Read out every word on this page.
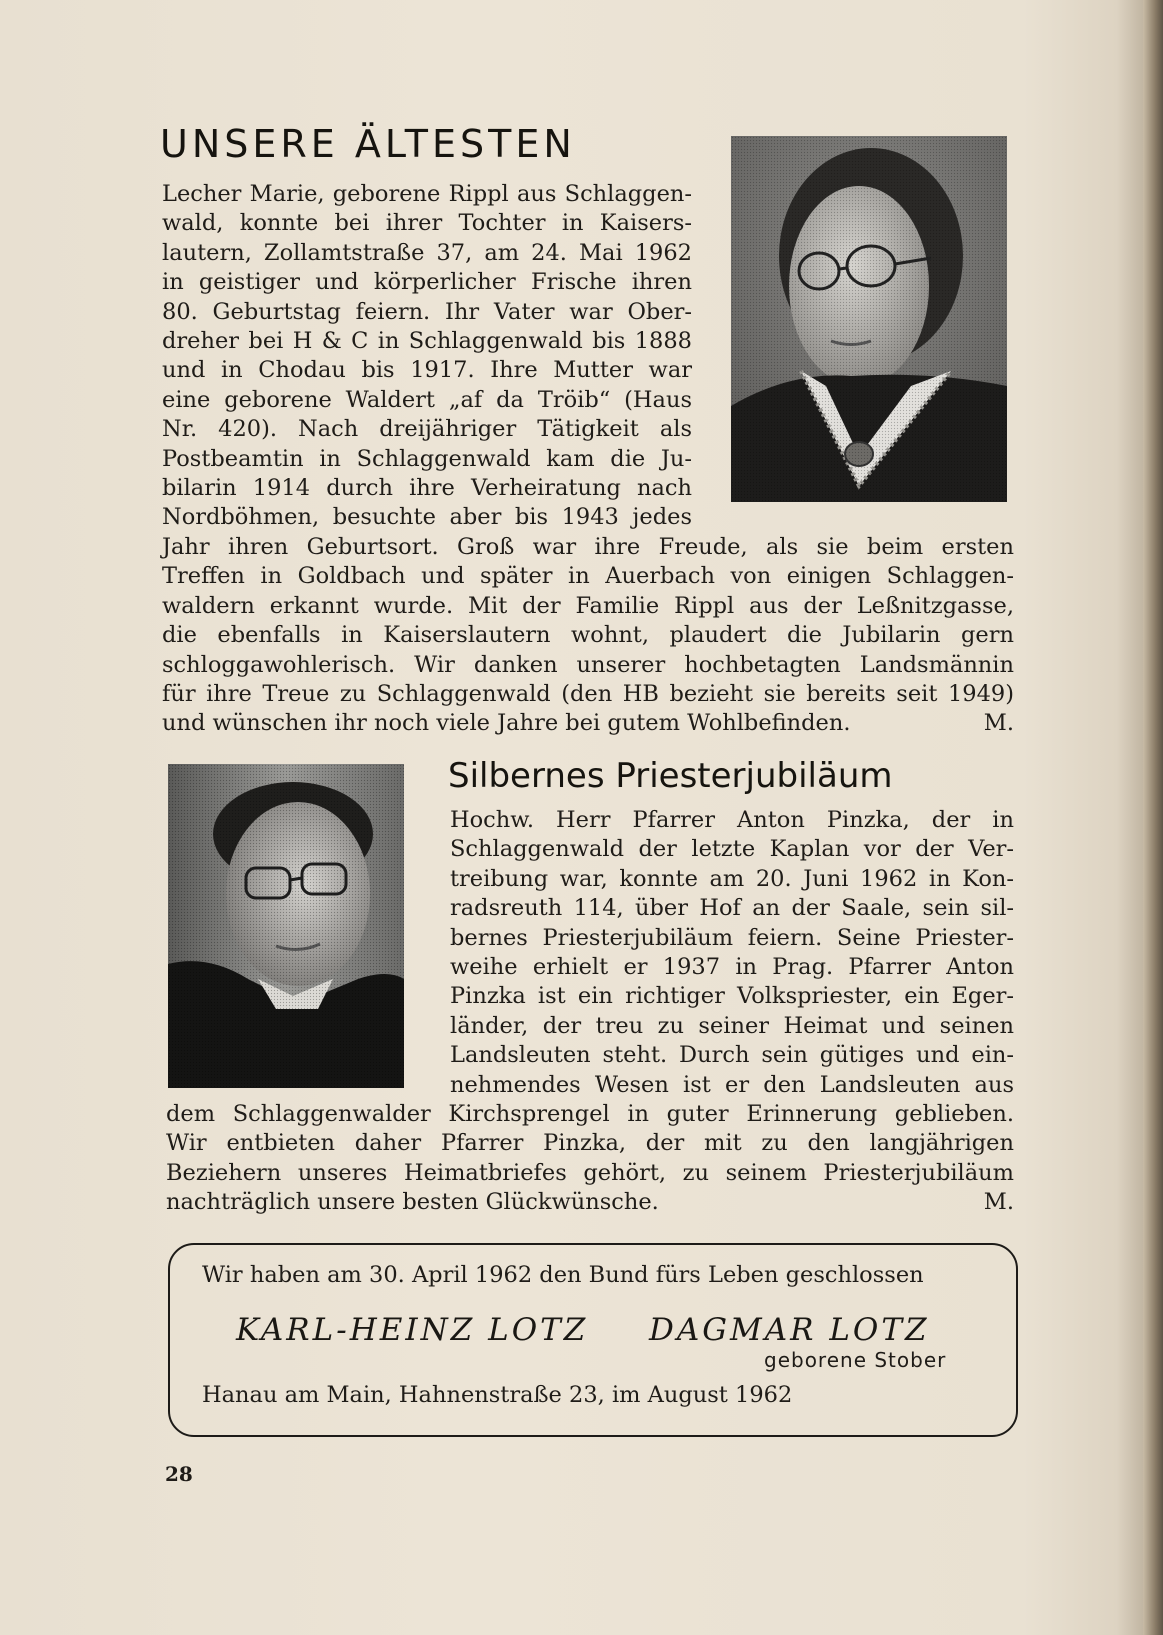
UNSERE ÄLTESTEN
Lecher Marie, geborene Rippl aus Schlaggen-
wald, konnte bei ihrer Tochter in Kaisers-
lautern, Zollamtstraße 37, am 24. Mai 1962
in geistiger und körperlicher Frische ihren
80. Geburtstag feiern. Ihr Vater war Ober-
dreher bei H & C in Schlaggenwald bis 1888
und in Chodau bis 1917. Ihre Mutter war
eine geborene Waldert „af da Tröib“ (Haus
Nr. 420). Nach dreijähriger Tätigkeit als
Postbeamtin in Schlaggenwald kam die Ju-
bilarin 1914 durch ihre Verheiratung nach
Nordböhmen, besuchte aber bis 1943 jedes
Jahr ihren Geburtsort. Groß war ihre Freude, als sie beim ersten
Treffen in Goldbach und später in Auerbach von einigen Schlaggen-
waldern erkannt wurde. Mit der Familie Rippl aus der Leßnitzgasse,
die ebenfalls in Kaiserslautern wohnt, plaudert die Jubilarin gern
schloggawohlerisch. Wir danken unserer hochbetagten Landsmännin
für ihre Treue zu Schlaggenwald (den HB bezieht sie bereits seit 1949)
und wünschen ihr noch viele Jahre bei gutem Wohlbefinden.	M.
Silbernes Priesterjubiläum
Hochw. Herr Pfarrer Anton Pinzka, der in
Schlaggenwald der letzte Kaplan vor der Ver-
treibung war, konnte am 20. Juni 1962 in Kon-
radsreuth 114, über Hof an der Saale, sein sil-
bernes Priesterjubiläum feiern. Seine Priester-
weihe erhielt er 1937 in Prag. Pfarrer Anton
Pinzka ist ein richtiger Volkspriester, ein Eger-
länder, der treu zu seiner Heimat und seinen
Landsleuten steht. Durch sein gütiges und ein-
nehmendes Wesen ist er den Landsleuten aus
dem Schlaggenwalder Kirchsprengel in guter Erinnerung geblieben.
Wir entbieten daher Pfarrer Pinzka, der mit zu den langjährigen
Beziehern unseres Heimatbriefes gehört, zu seinem Priesterjubiläum
nachträglich unsere besten Glückwünsche.	M.
Wir haben am 30. April 1962 den Bund fürs Leben geschlossen
KARL-HEINZ LOTZ DAGMAR LOTZ
geborene Stober
Hanau am Main, Hahnenstraße 23, im August 1962
28
